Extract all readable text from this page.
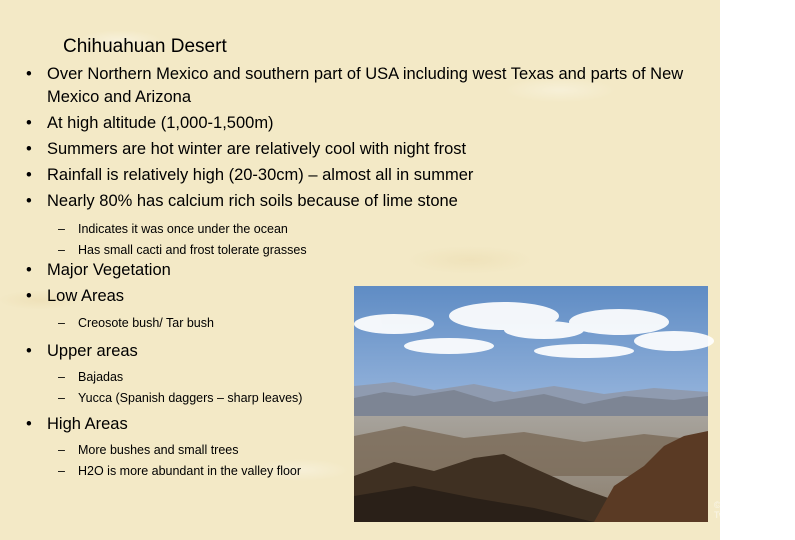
Chihuahuan Desert
• Over Northern Mexico and southern part of USA including west Texas and parts of New Mexico and Arizona
• At high altitude (1,000-1,500m)
• Summers are hot winter are relatively cool with night frost
• Rainfall is relatively high (20-30cm) – almost all in summer
• Nearly 80% has calcium rich soils because of lime stone
– Indicates it was once under the ocean
– Has small cacti and frost tolerate grasses
• Major Vegetation
• Low Areas
– Creosote bush/ Tar bush
• Upper areas
– Bajadas
– Yucca (Spanish daggers – sharp leaves)
• High Areas
– More bushes and small trees
– H2O is more abundant in the valley floor
©2005 TwigsInOurHair.com
